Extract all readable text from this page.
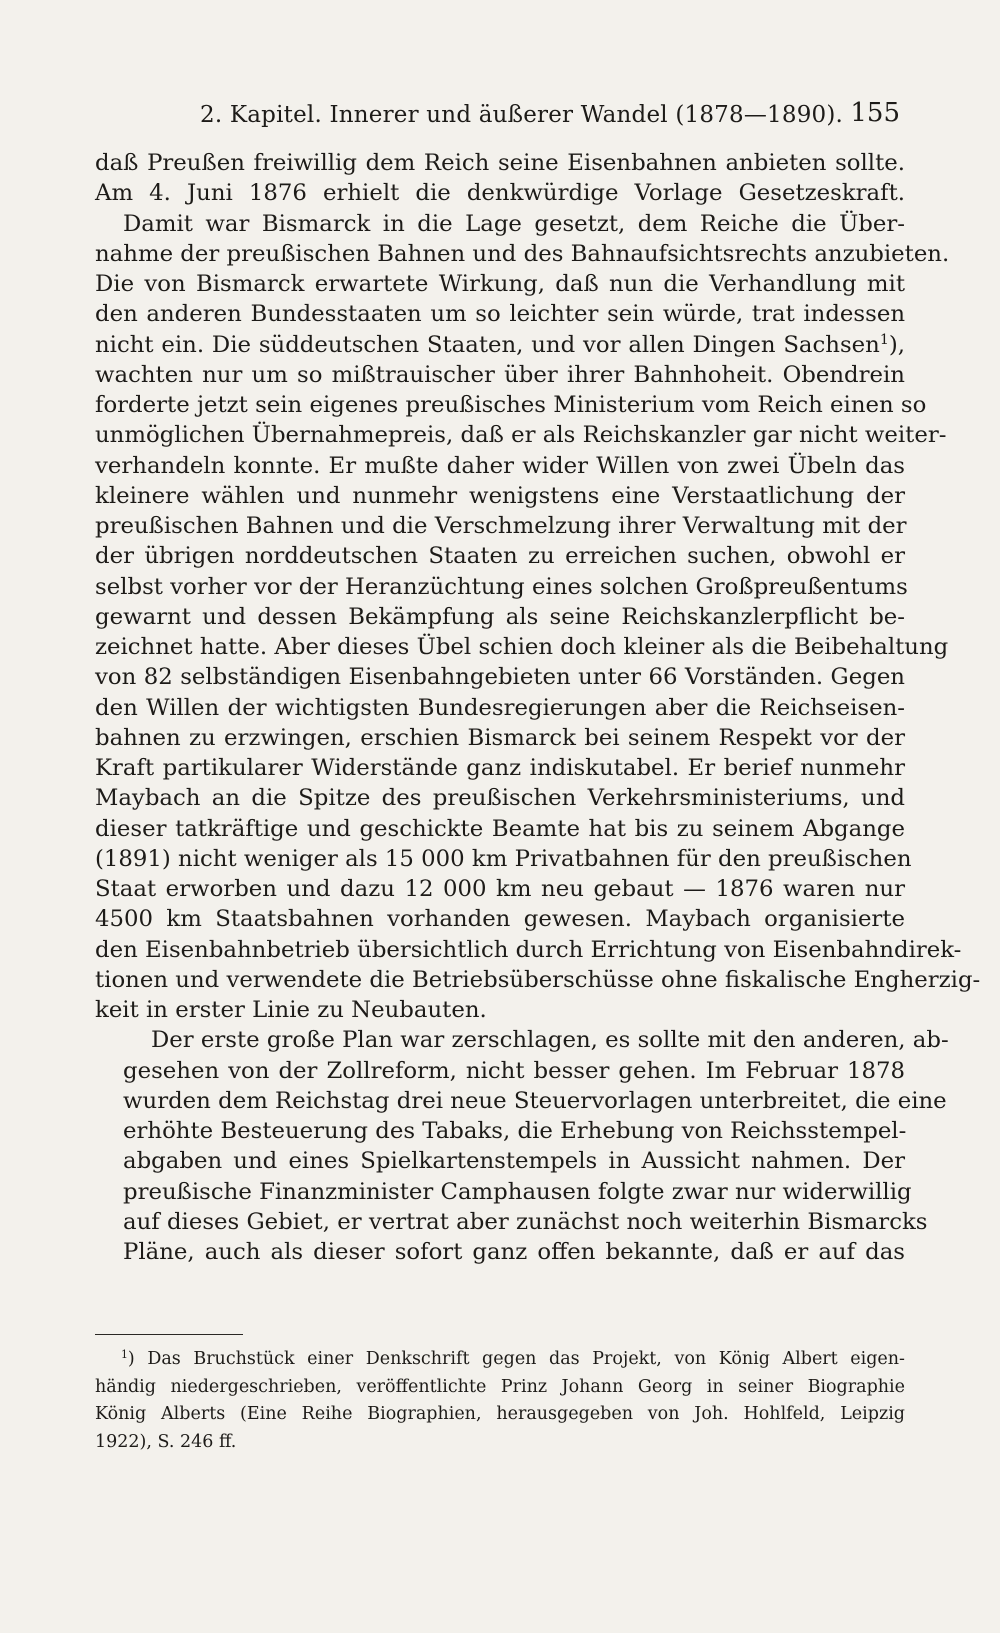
2. Kapitel. Innerer und äußerer Wandel (1878—1890). 155

daß Preußen freiwillig dem Reich seine Eisenbahnen anbieten sollte.
Am 4. Juni 1876 erhielt die denkwürdige Vorlage Gesetzeskraft.
Damit war Bismarck in die Lage gesetzt, dem Reiche die Über-
nahme der preußischen Bahnen und des Bahnaufsichtsrechts anzubieten.
Die von Bismarck erwartete Wirkung, daß nun die Verhandlung mit
den anderen Bundesstaaten um so leichter sein würde, trat indessen
nicht ein. Die süddeutschen Staaten, und vor allen Dingen Sachsen$^1$),
wachten nur um so mißtrauischer über ihrer Bahnhoheit. Obendrein
forderte jetzt sein eigenes preußisches Ministerium vom Reich einen so
unmöglichen Übernahmepreis, daß er als Reichskanzler gar nicht weiter-
verhandeln konnte. Er mußte daher wider Willen von zwei Übeln das
kleinere wählen und nunmehr wenigstens eine Verstaatlichung der
preußischen Bahnen und die Verschmelzung ihrer Verwaltung mit der
der übrigen norddeutschen Staaten zu erreichen suchen, obwohl er
selbst vorher vor der Heranzüchtung eines solchen Großpreußentums
gewarnt und dessen Bekämpfung als seine Reichskanzlerpflicht be-
zeichnet hatte. Aber dieses Übel schien doch kleiner als die Beibehaltung
von 82 selbständigen Eisenbahngebieten unter 66 Vorständen. Gegen
den Willen der wichtigsten Bundesregierungen aber die Reichseisen-
bahnen zu erzwingen, erschien Bismarck bei seinem Respekt vor der
Kraft partikularer Widerstände ganz indiskutabel. Er berief nunmehr
Maybach an die Spitze des preußischen Verkehrsministeriums, und
dieser tatkräftige und geschickte Beamte hat bis zu seinem Abgange
(1891) nicht weniger als 15 000 km Privatbahnen für den preußischen
Staat erworben und dazu 12 000 km neu gebaut — 1876 waren nur
4500 km Staatsbahnen vorhanden gewesen. Maybach organisierte
den Eisenbahnbetrieb übersichtlich durch Errichtung von Eisenbahndirek-
tionen und verwendete die Betriebsüberschüsse ohne fiskalische Engherzig-
keit in erster Linie zu Neubauten.

Der erste große Plan war zerschlagen, es sollte mit den anderen, ab-
gesehen von der Zollreform, nicht besser gehen. Im Februar 1878
wurden dem Reichstag drei neue Steuervorlagen unterbreitet, die eine
erhöhte Besteuerung des Tabaks, die Erhebung von Reichsstempel-
abgaben und eines Spielkartenstempels in Aussicht nahmen. Der
preußische Finanzminister Camphausen folgte zwar nur widerwillig
auf dieses Gebiet, er vertrat aber zunächst noch weiterhin Bismarcks
Pläne, auch als dieser sofort ganz offen bekannte, daß er auf das

$^1$) Das Bruchstück einer Denkschrift gegen das Projekt, von König Albert eigen-
händig niedergeschrieben, veröffentlichte Prinz Johann Georg in seiner Biographie
König Alberts (Eine Reihe Biographien, herausgegeben von Joh. Hohlfeld, Leipzig
1922), S. 246 ff.
